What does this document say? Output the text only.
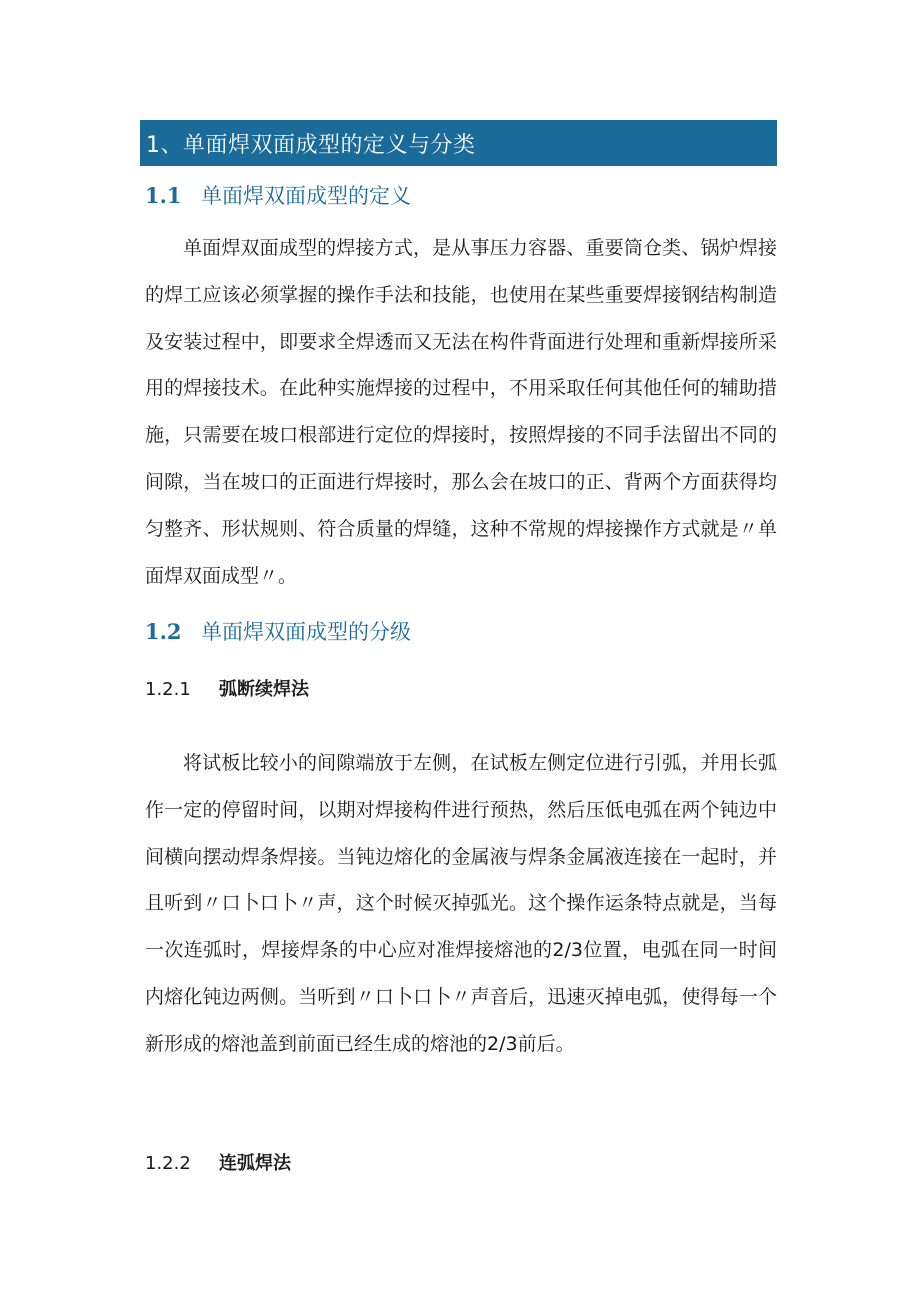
1、单面焊双面成型的定义与分类
1.1 单面焊双面成型的定义

单面焊双面成型的焊接方式，是从事压力容器、重要筒仓类、锅炉焊接的焊工应该必须掌握的操作手法和技能，也使用在某些重要焊接钢结构制造及安装过程中，即要求全焊透而又无法在构件背面进行处理和重新焊接所采用的焊接技术。在此种实施焊接的过程中，不用采取任何其他任何的辅助措施，只需要在坡口根部进行定位的焊接时，按照焊接的不同手法留出不同的间隙，当在坡口的正面进行焊接时，那么会在坡口的正、背两个方面获得均匀整齐、形状规则、符合质量的焊缝，这种不常规的焊接操作方式就是〃单面焊双面成型〃。

1.2 单面焊双面成型的分级
1.2.1	弧断续焊法

将试板比较小的间隙端放于左侧，在试板左侧定位进行引弧，并用长弧作一定的停留时间，以期对焊接构件进行预热，然后压低电弧在两个钝边中间横向摆动焊条焊接。当钝边熔化的金属液与焊条金属液连接在一起时，并且听到〃口卜口卜〃声，这个时候灭掉弧光。这个操作运条特点就是，当每一次连弧时，焊接焊条的中心应对准焊接熔池的2/3位置，电弧在同一时间内熔化钝边两侧。当听到〃口卜口卜〃声音后，迅速灭掉电弧，使得每一个新形成的熔池盖到前面已经生成的熔池的2/3前后。

1.2.2	连弧焊法
